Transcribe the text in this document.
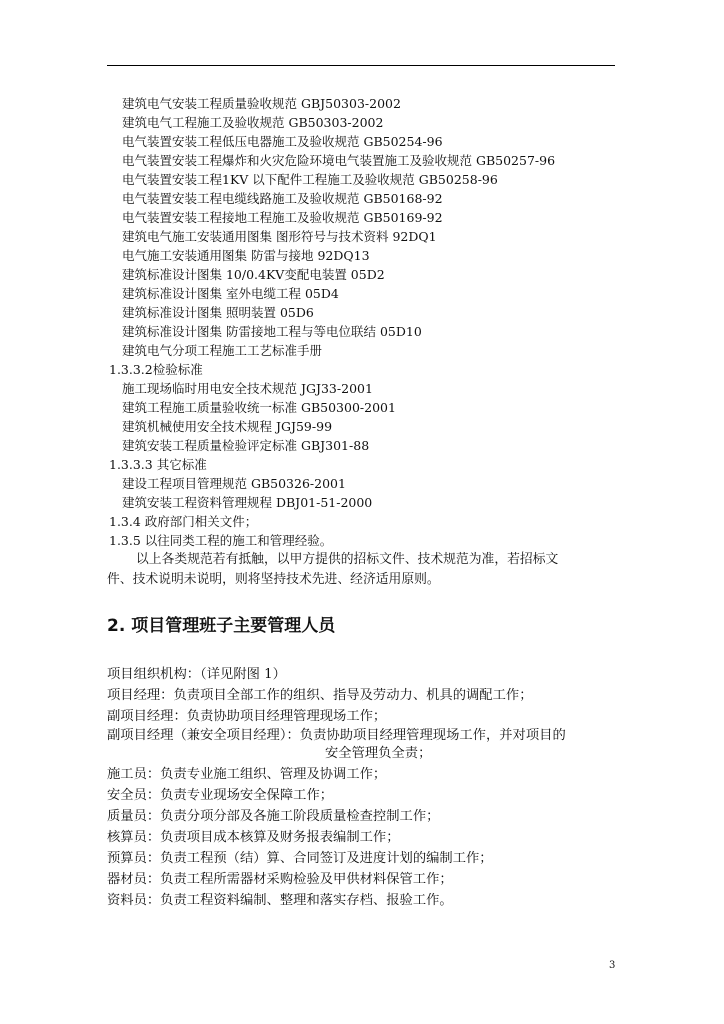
建筑电气安装工程质量验收规范 GBJ50303-2002
建筑电气工程施工及验收规范 GB50303-2002
电气装置安装工程低压电器施工及验收规范 GB50254-96
电气装置安装工程爆炸和火灾危险环境电气装置施工及验收规范 GB50257-96
电气装置安装工程1KV 以下配件工程施工及验收规范 GB50258-96
电气装置安装工程电缆线路施工及验收规范 GB50168-92
电气装置安装工程接地工程施工及验收规范 GB50169-92
建筑电气施工安装通用图集 图形符号与技术资料 92DQ1
电气施工安装通用图集 防雷与接地 92DQ13
建筑标准设计图集 10/0.4KV变配电装置 05D2
建筑标准设计图集 室外电缆工程 05D4
建筑标准设计图集 照明装置 05D6
建筑标准设计图集 防雷接地工程与等电位联结 05D10
建筑电气分项工程施工工艺标准手册
1.3.3.2检验标准
施工现场临时用电安全技术规范 JGJ33-2001
建筑工程施工质量验收统一标准 GB50300-2001
建筑机械使用安全技术规程 JGJ59-99
建筑安装工程质量检验评定标准 GBJ301-88
1.3.3.3 其它标准
建设工程项目管理规范 GB50326-2001
建筑安装工程资料管理规程 DBJ01-51-2000
1.3.4 政府部门相关文件；
1.3.5 以往同类工程的施工和管理经验。
以上各类规范若有抵触，以甲方提供的招标文件、技术规范为准，若招标文
件、技术说明未说明，则将坚持技术先进、经济适用原则。
2. 项目管理班子主要管理人员
项目组织机构：（详见附图 1）
项目经理：负责项目全部工作的组织、指导及劳动力、机具的调配工作；
副项目经理：负责协助项目经理管理现场工作；
副项目经理（兼安全项目经理）：负责协助项目经理管理现场工作，并对项目的
安全管理负全责；
施工员：负责专业施工组织、管理及协调工作；
安全员：负责专业现场安全保障工作；
质量员：负责分项分部及各施工阶段质量检查控制工作；
核算员：负责项目成本核算及财务报表编制工作；
预算员：负责工程预（结）算、合同签订及进度计划的编制工作；
器材员：负责工程所需器材采购检验及甲供材料保管工作；
资料员：负责工程资料编制、整理和落实存档、报验工作。
3
